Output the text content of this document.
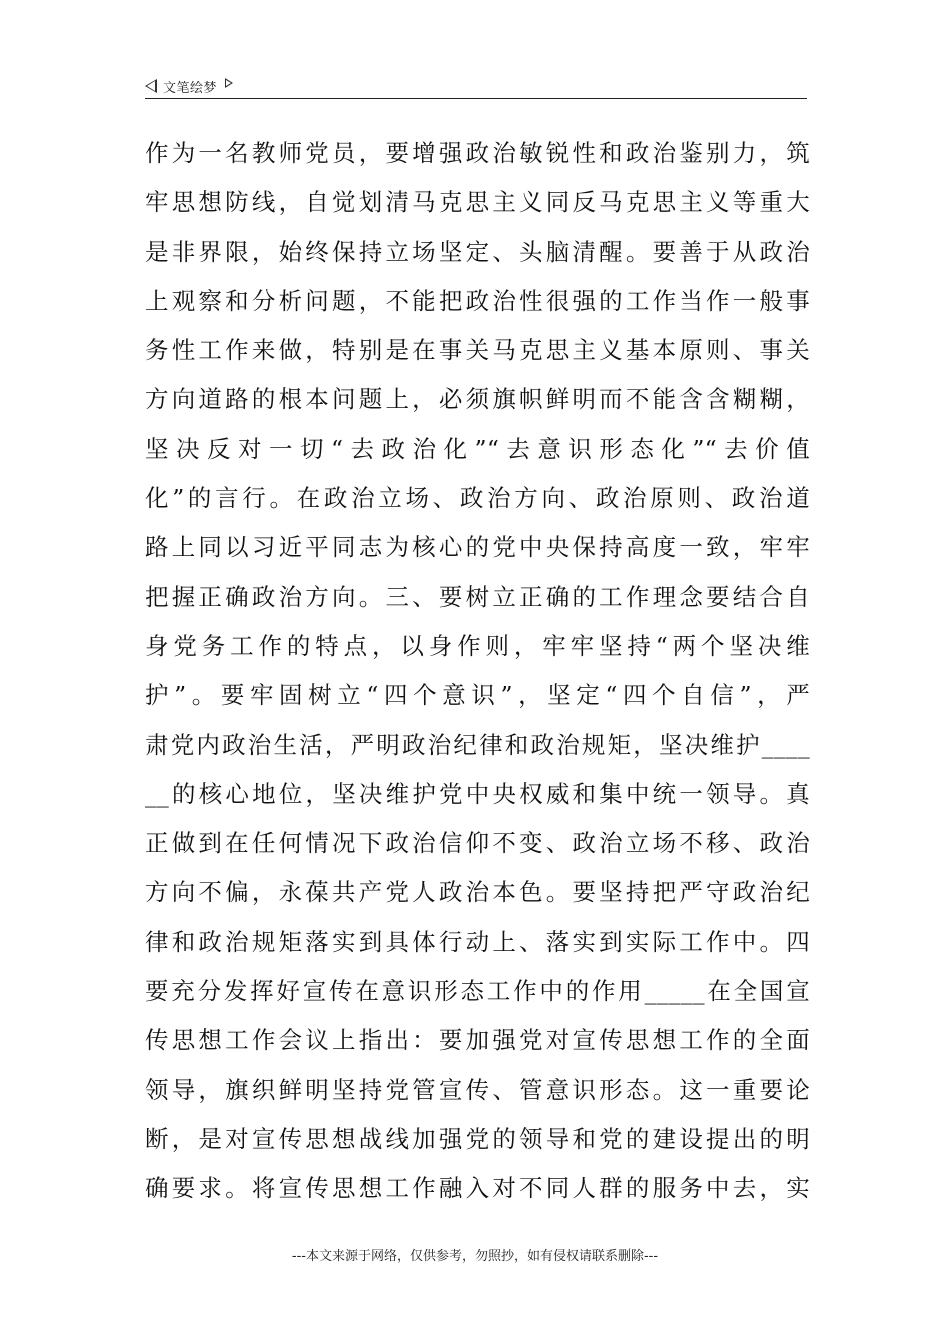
文笔绘梦
作为一名教师党员，要增强政治敏锐性和政治鉴别力，筑
牢思想防线，自觉划清马克思主义同反马克思主义等重大
是非界限，始终保持立场坚定、头脑清醒。要善于从政治
上观察和分析问题，不能把政治性很强的工作当作一般事
务性工作来做，特别是在事关马克思主义基本原则、事关
方向道路的根本问题上，必须旗帜鲜明而不能含含糊糊，
坚决反对一切“去政治化”“去意识形态化”“去价值
化”的言行。在政治立场、政治方向、政治原则、政治道
路上同以习近平同志为核心的党中央保持高度一致，牢牢
把握正确政治方向。三、要树立正确的工作理念要结合自
身党务工作的特点，以身作则，牢牢坚持“两个坚决维
护”。要牢固树立“四个意识”，坚定“四个自信”，严
肃党内政治生活，严明政治纪律和政治规矩，坚决维护____
__的核心地位，坚决维护党中央权威和集中统一领导。真
正做到在任何情况下政治信仰不变、政治立场不移、政治
方向不偏，永葆共产党人政治本色。要坚持把严守政治纪
律和政治规矩落实到具体行动上、落实到实际工作中。四
要充分发挥好宣传在意识形态工作中的作用_____在全国宣
传思想工作会议上指出：要加强党对宣传思想工作的全面
领导，旗织鲜明坚持党管宣传、管意识形态。这一重要论
断，是对宣传思想战线加强党的领导和党的建设提出的明
确要求。将宣传思想工作融入对不同人群的服务中去，实
---本文来源于网络，仅供参考，勿照抄，如有侵权请联系删除---
